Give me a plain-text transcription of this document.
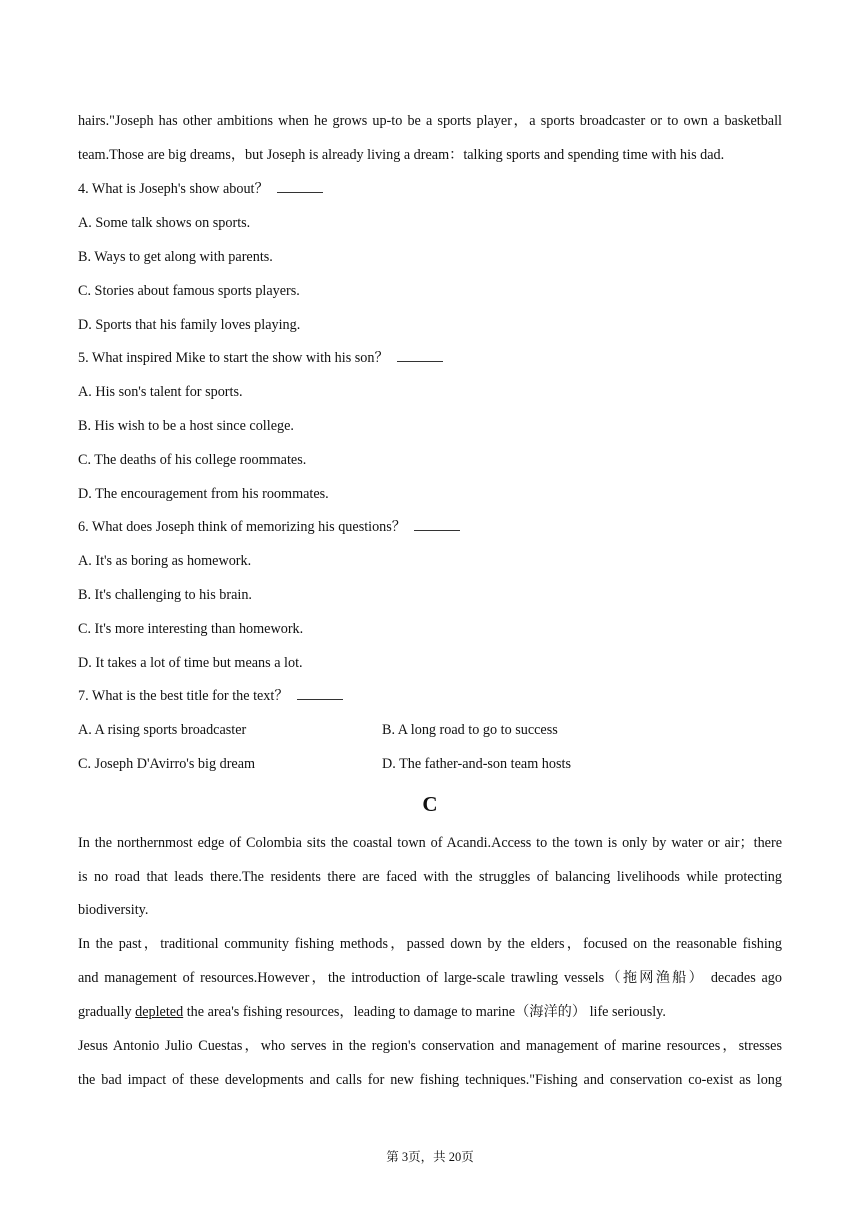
hairs."Joseph has other ambitions when he grows up-to be a sports player，a sports broadcaster or to own a basketball
team.Those are big dreams，but Joseph is already living a dream：talking sports and spending time with his dad.
4. What is Joseph's show about？
A. Some talk shows on sports.
B. Ways to get along with parents.
C. Stories about famous sports players.
D. Sports that his family loves playing.
5. What inspired Mike to start the show with his son？
A. His son's talent for sports.
B. His wish to be a host since college.
C. The deaths of his college roommates.
D. The encouragement from his roommates.
6. What does Joseph think of memorizing his questions？
A. It's as boring as homework.
B. It's challenging to his brain.
C. It's more interesting than homework.
D. It takes a lot of time but means a lot.
7. What is the best title for the text？
A. A rising sports broadcaster	B. A long road to go to success
C. Joseph D'Avirro's big dream	D. The father-and-son team hosts
C
In the northernmost edge of Colombia sits the coastal town of Acandi.Access to the town is only by water or air；there
is no road that leads there.The residents there are faced with the struggles of balancing livelihoods while protecting
biodiversity.
In the past，traditional community fishing methods，passed down by the elders，focused on the reasonable fishing
and management of resources.However，the introduction of large-scale trawling vessels（拖网渔船） decades ago
gradually depleted the area's fishing resources，leading to damage to marine（海洋的） life seriously.
Jesus Antonio Julio Cuestas，who serves in the region's conservation and management of marine resources，stresses
the bad impact of these developments and calls for new fishing techniques."Fishing and conservation co-exist as long
第 3页，共 20页
